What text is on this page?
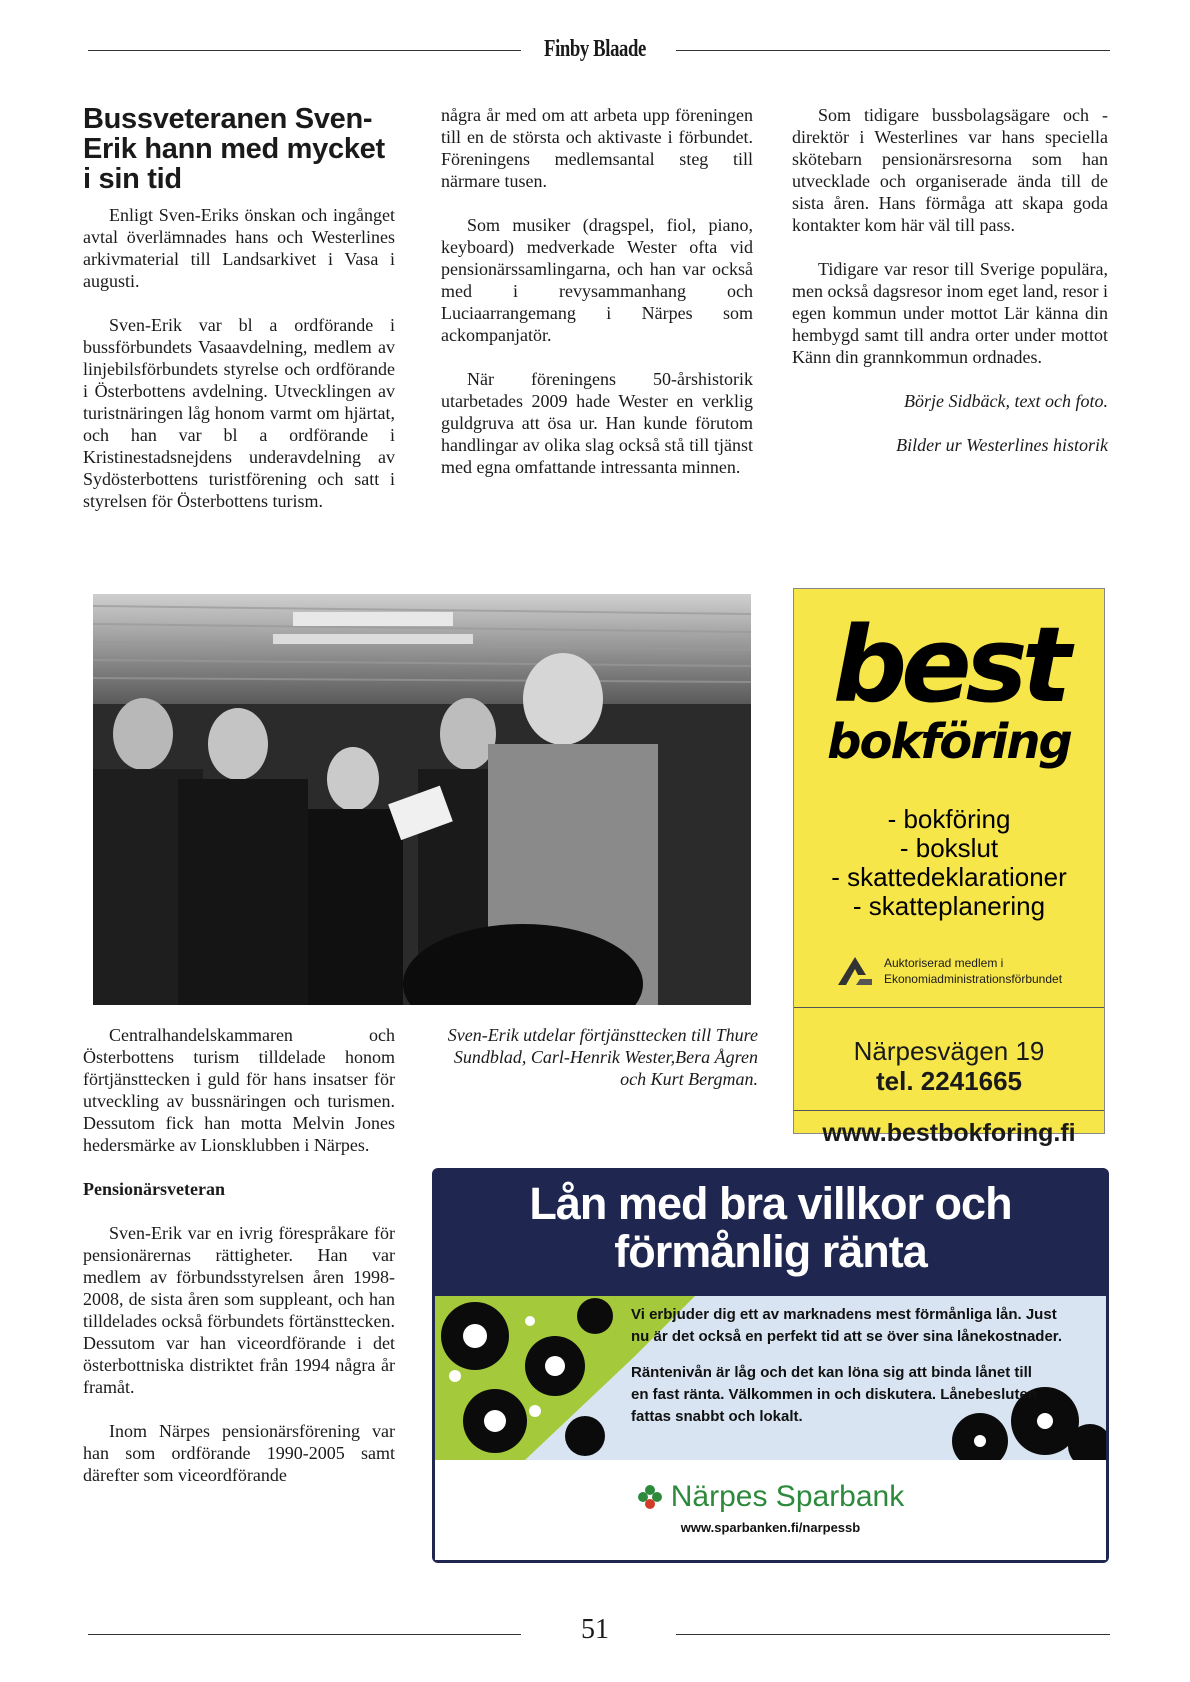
Finby Blaade
Bussveteranen Sven-Erik hann med mycket i sin tid

Enligt Sven-Eriks önskan och ingånget avtal överlämnades hans och Westerlines arkivmaterial till Landsarkivet i Vasa i augusti.

Sven-Erik var bl a ordförande i bussförbundets Vasaavdelning, medlem av linjebilsförbundets styrelse och ordförande i Österbottens avdelning. Utvecklingen av turistnäringen låg honom varmt om hjärtat, och han var bl a ordförande i Kristinestadsnejdens underavdelning av Sydösterbottens turistförening och satt i styrelsen för Österbottens turism.

några år med om att arbeta upp föreningen till en de största och aktivaste i förbundet. Föreningens medlemsantal steg till närmare tusen.

Som musiker (dragspel, fiol, piano, keyboard) medverkade Wester ofta vid pensionärssamlingarna, och han var också med i revysammanhang och Luciaarrangemang i Närpes som ackompanjatör.

När föreningens 50-årshistorik utarbetades 2009 hade Wester en verklig guldgruva att ösa ur. Han kunde förutom handlingar av olika slag också stå till tjänst med egna omfattande intressanta minnen.

Som tidigare bussbolagsägare och -direktör i Westerlines var hans speciella skötebarn pensionärsresorna som han utvecklade och organiserade ända till de sista åren. Hans förmåga att skapa goda kontakter kom här väl till pass.

Tidigare var resor till Sverige populära, men också dagsresor inom eget land, resor i egen kommun under mottot Lär känna din hembygd samt till andra orter under mottot Känn din grannkommun ordnades.

Börje Sidbäck, text och foto.

Bilder ur Westerlines historik

Sven-Erik utdelar förtjänsttecken till Thure Sundblad, Carl-Henrik Wester,Bera Ågren och Kurt Bergman.

Centralhandelskammaren och Österbottens turism tilldelade honom förtjänsttecken i guld för hans insatser för utveckling av bussnäringen och turismen. Dessutom fick han motta Melvin Jones hedersmärke av Lionsklubben i Närpes.

Pensionärsveteran

Sven-Erik var en ivrig förespråkare för pensionärernas rättigheter. Han var medlem av förbundsstyrelsen åren 1998-2008, de sista åren som suppleant, och han tilldelades också förbundets förtänsttecken. Dessutom var han viceordförande i det österbottniska distriktet från 1994 några år framåt.

Inom Närpes pensionärsförening var han som ordförande 1990-2005 samt därefter som viceordförande

best
bokföring
- bokföring
- bokslut
- skattedeklarationer
- skatteplanering
Auktoriserad medlem i
Ekonomiadministrationsförbundet
Närpesvägen 19
tel. 2241665
www.bestbokforing.fi
Lån med bra villkor och
förmånlig ränta

Vi erbjuder dig ett av marknadens mest förmånliga lån. Just nu är det också en perfekt tid att se över sina lånekostnader.

Räntenivån är låg och det kan löna sig att binda lånet till en fast ränta. Välkommen in och diskutera. Lånebesluten fattas snabbt och lokalt.

Närpes Sparbank
www.sparbanken.fi/narpessb
51
